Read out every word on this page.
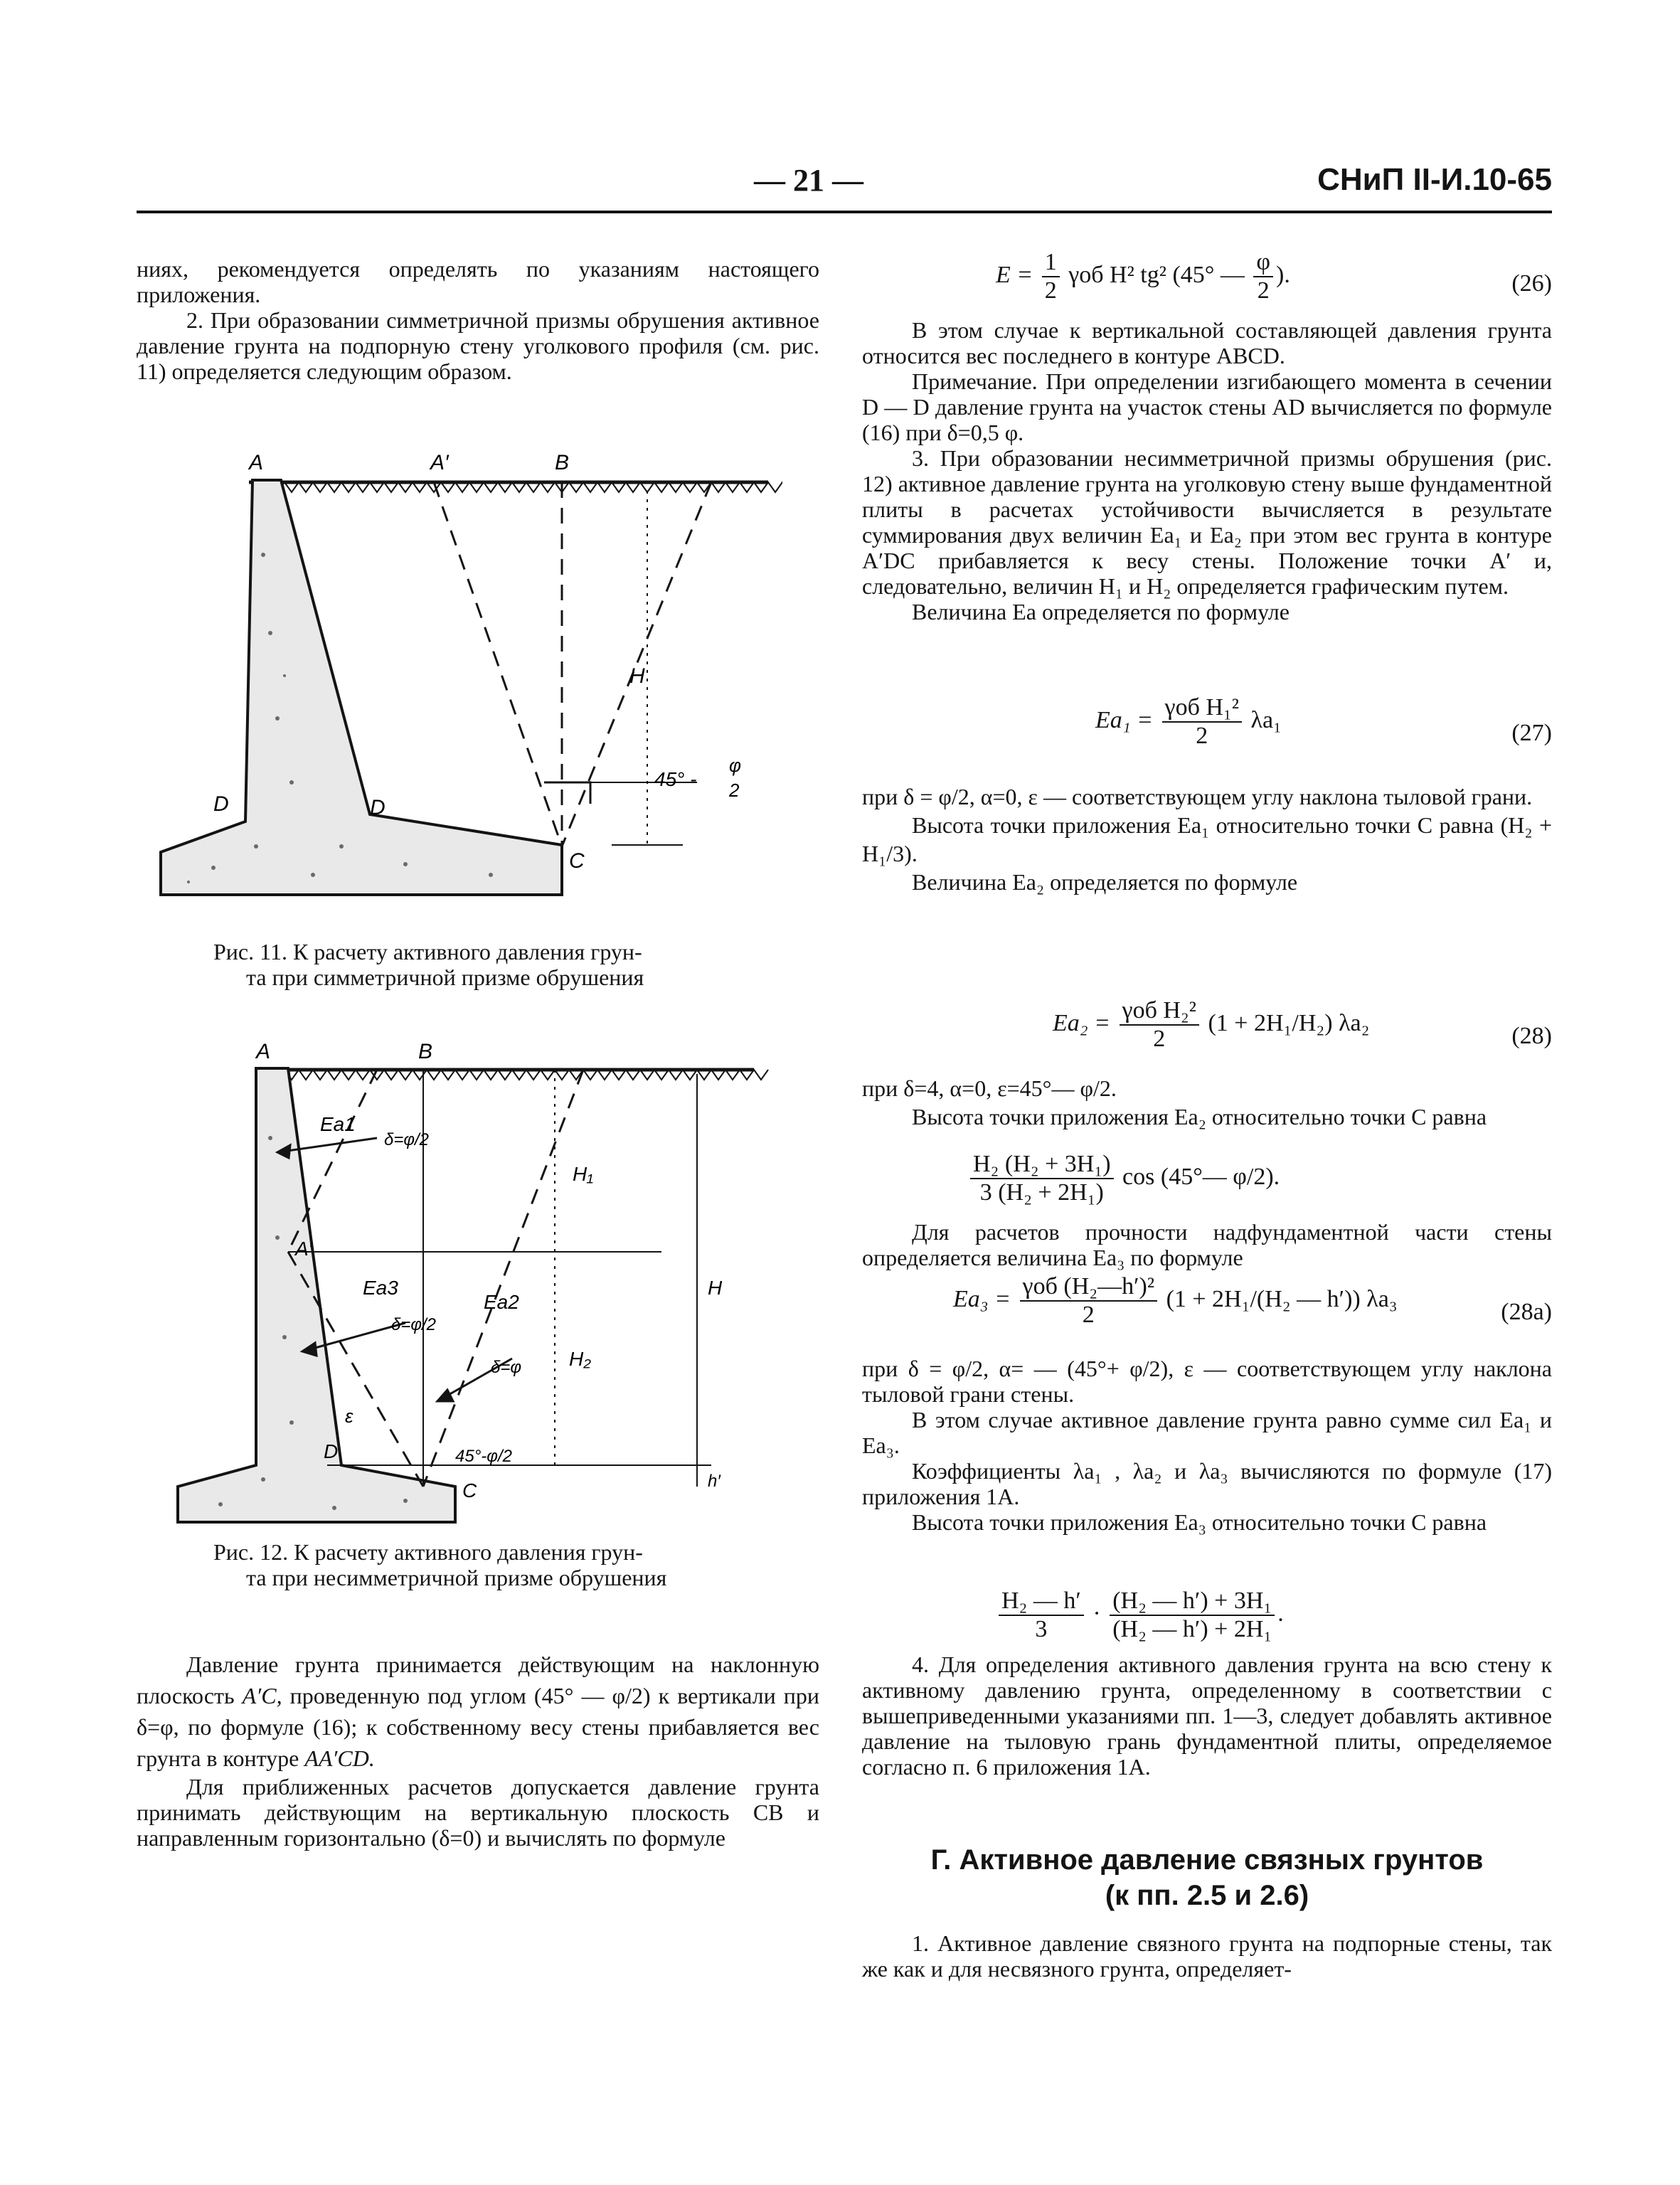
— 21 —	СНиП II-И.10-65

ниях, рекомендуется определять по указаниям настоящего приложения.

2. При образовании симметричной призмы обрушения активное давление грунта на подпорную стену уголкового профиля (см. рис. 11) определяется следующим образом.

A	A′	B
D	D
C
H
45° -
φ
2
Рис. 11. К расчету активного давления грун-
та при симметричной призме обрушения
A	B
A′
Ea1
δ=φ/2
Ea3
δ=φ/2
Ea2
δ=φ
H₁
H₂
H
h′
D
C
ε
45°-φ/2
Рис. 12. К расчету активного давления грун-
та при несимметричной призме обрушения

Давление грунта принимается действующим на наклонную плоскость A′C, проведенную под углом (45° — φ/2) к вертикали при δ=φ, по формуле (16); к собственному весу стены прибавляется вес грунта в контуре AA′CD.

Для приближенных расчетов допускается давление грунта принимать действующим на вертикальную плоскость CB и направленным горизонтально (δ=0) и вычислять по формуле

$E = \frac{1}{2}$ γоб H² tg² (45° — $\frac{\varphi}{2}$ ).	(26)

В этом случае к вертикальной составляющей давления грунта относится вес последнего в контуре ABCD.

Примечание. При определении изгибающего момента в сечении D — D давление грунта на участок стены AD вычисляется по формуле (16) при δ=0,5 φ.

3. При образовании несимметричной призмы обрушения (рис. 12) активное давление грунта на уголковую стену выше фундаментной плиты в расчетах устойчивости вычисляется в результате суммирования двух величин Ea₁ и Ea₂ при этом вес грунта в контуре A′DC прибавляется к весу стены. Положение точки A′ и, следовательно, величин H₁ и H₂ определяется графическим путем.

Величина Ea определяется по формуле

$Ea_1 = \frac{\text{γоб H₁²}}{2} \lambda a_1$	(27)

при δ = φ/2, α=0, ε — соответствующем углу наклона тыловой грани.

Высота точки приложения Ea₁ относительно точки C равна (H₂ + H₁/3).

Величина Ea₂ определяется по формуле

$Ea_2 = \frac{\text{γоб H₂²}}{2} (1 + 2H_1/H_2)$ λa₂	(28)

при δ=4, α=0, ε=45°— φ/2.

Высота точки приложения Ea₂ относительно точки C равна

$\frac{\text{H₂ (H₂ + 3H₁)}}{\text{3 (H₂ + 2H₁)}}$ cos (45°— φ/2).

Для расчетов прочности надфундаментной части стены определяется величина Ea₃ по формуле

$Ea_3 = \frac{\text{γоб (H₂—h′)²}}{2} (1 + 2H_1/(H_2$ — h′)) λa₃	(28a)

при δ = φ/2, α= — (45°+ φ/2), ε — соответствующем углу наклона тыловой грани стены.

В этом случае активное давление грунта равно сумме сил Ea₁ и Ea₃.

Коэффициенты λa₁ , λa₂ и λa₃ вычисляются по формуле (17) приложения 1А.

Высота точки приложения Ea₃ относительно точки C равна

$\frac{\text{H₂ — h′}}{3} \cdot \frac{\text{(H₂ — h′) + 3H₁}}{\text{(H₂ — h′) + 2H₁}}$ .

4. Для определения активного давления грунта на всю стену к активному давлению грунта, определенному в соответствии с вышеприведенными указаниями пп. 1—3, следует добавлять активное давление на тыловую грань фундаментной плиты, определяемое согласно п. 6 приложения 1А.

Г. Активное давление связных грунтов
(к пп. 2.5 и 2.6)

1. Активное давление связного грунта на подпорные стены, так же как и для несвязного грунта, определяет-
